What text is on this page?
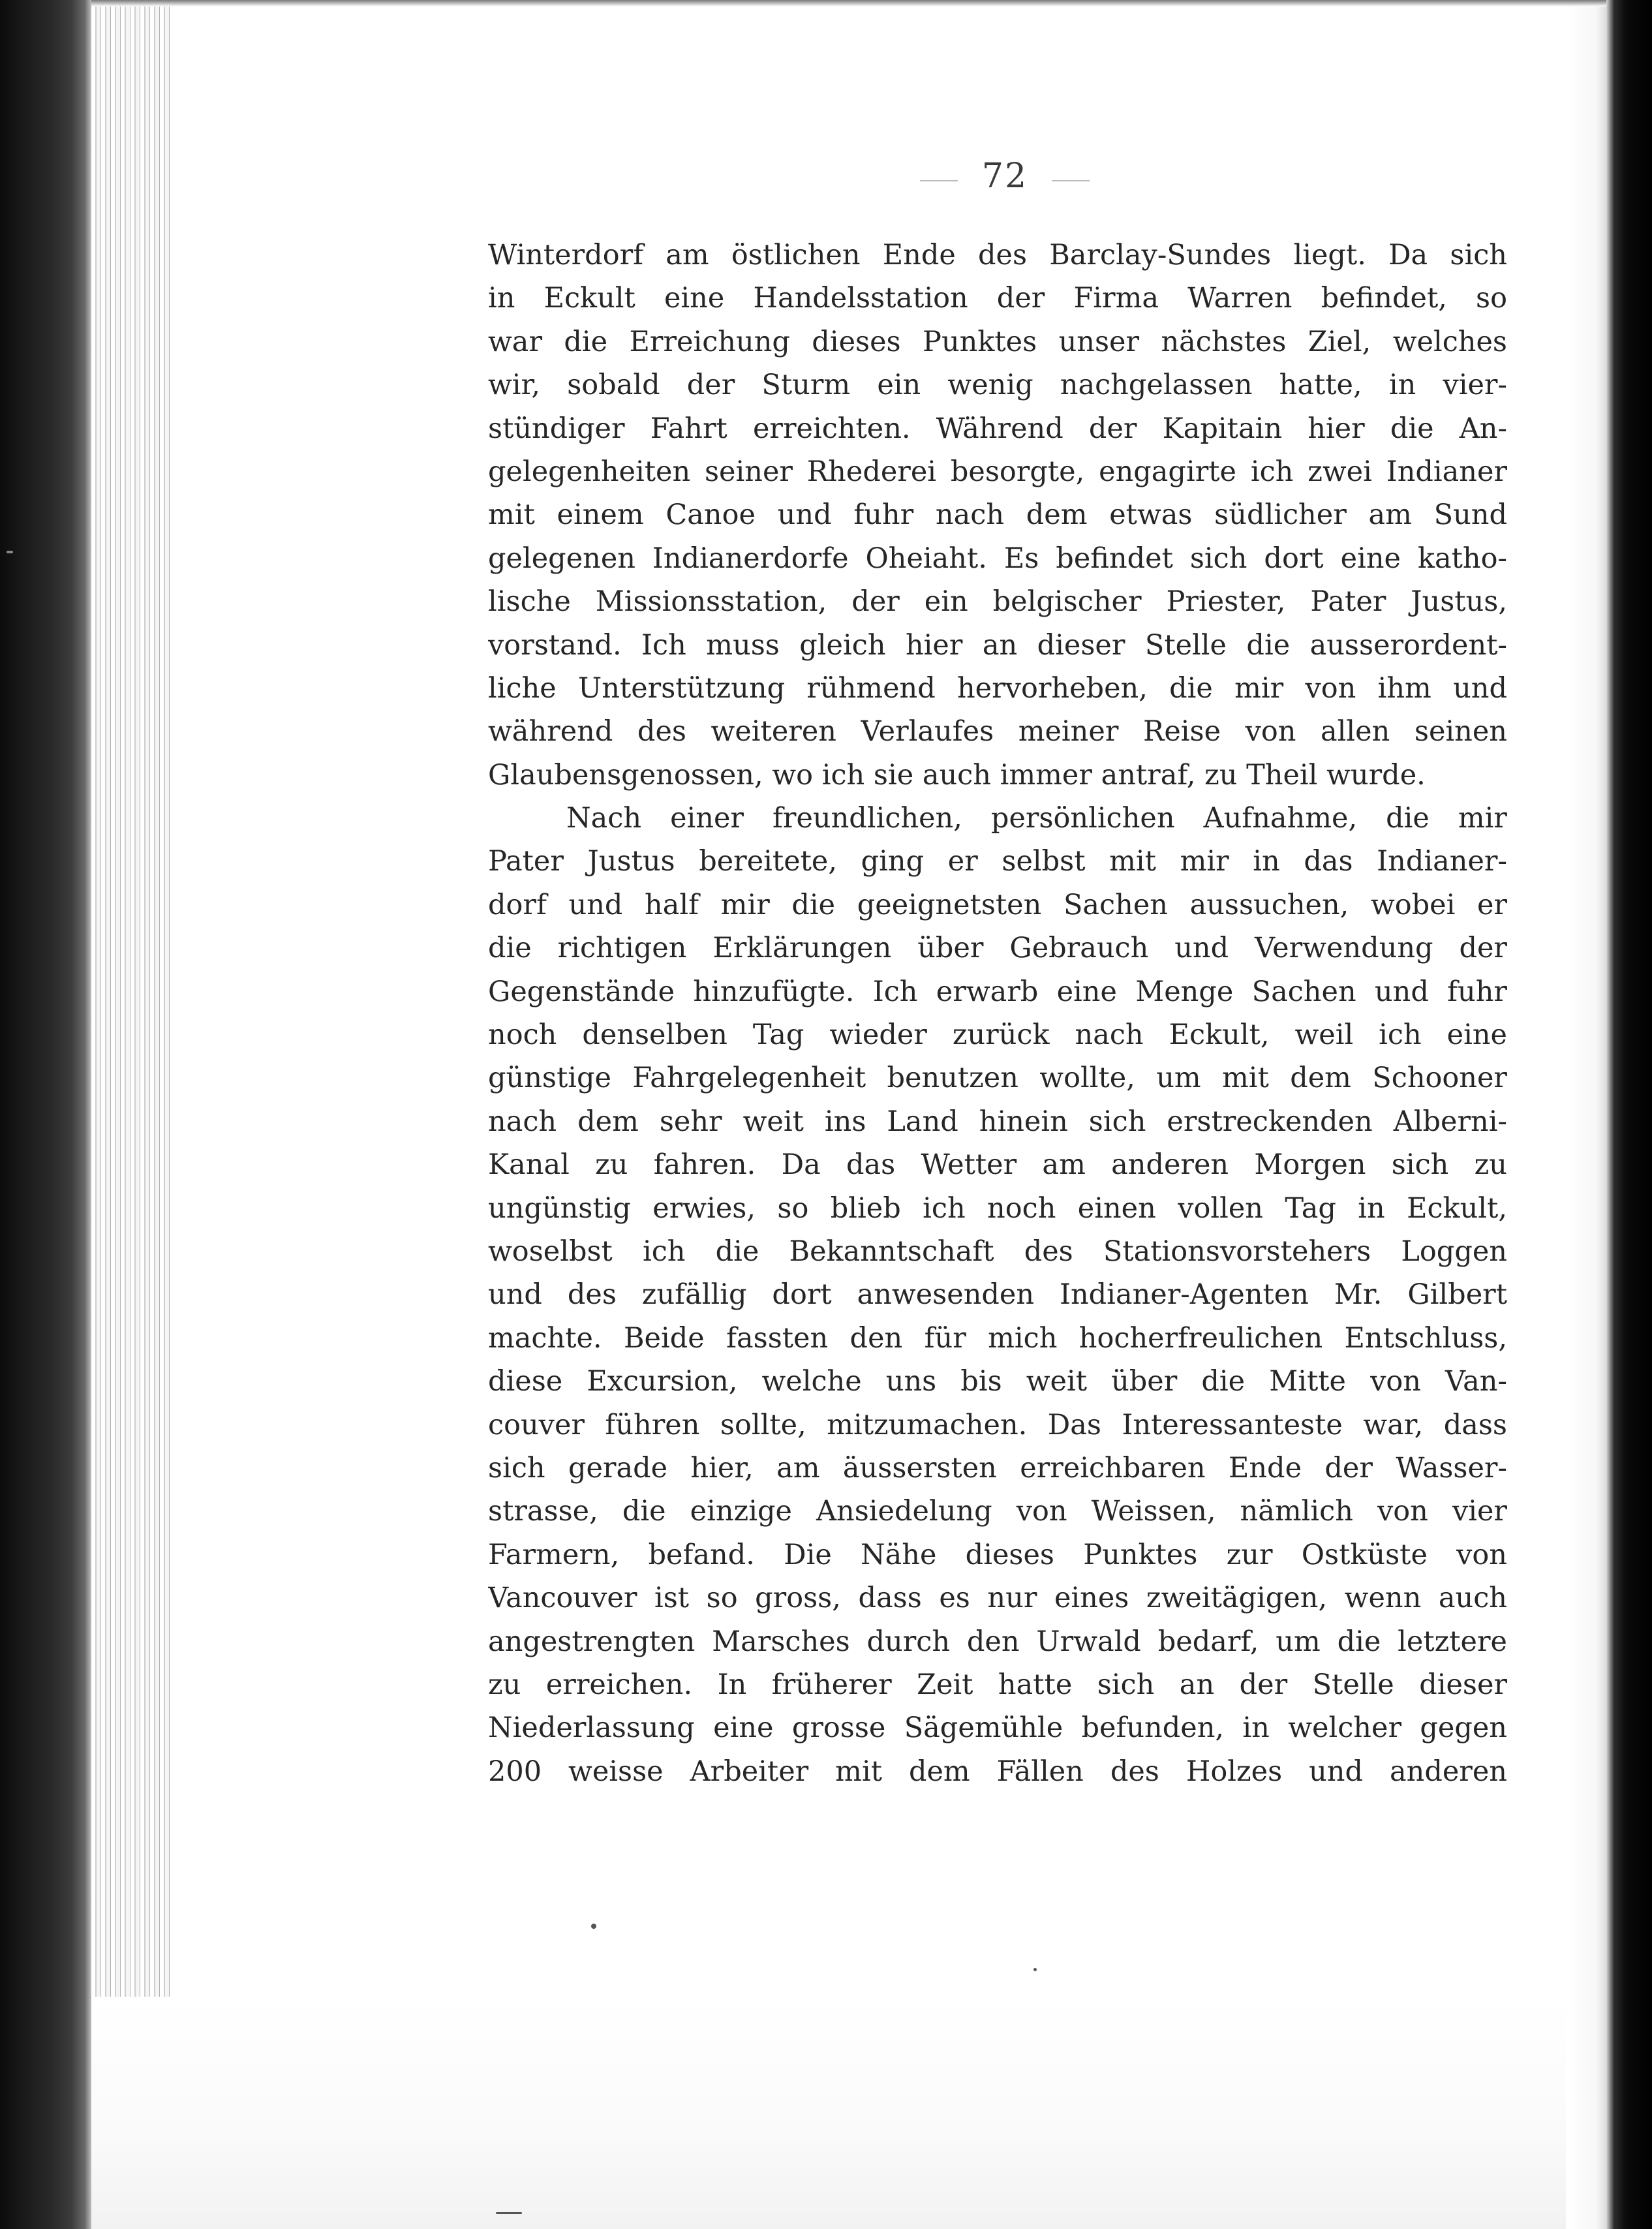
72
Winterdorf am östlichen Ende des Barclay-Sundes liegt. Da sich
in Eckult eine Handelsstation der Firma Warren befindet, so
war die Erreichung dieses Punktes unser nächstes Ziel, welches
wir, sobald der Sturm ein wenig nachgelassen hatte, in vier-
stündiger Fahrt erreichten. Während der Kapitain hier die An-
gelegenheiten seiner Rhederei besorgte, engagirte ich zwei Indianer
mit einem Canoe und fuhr nach dem etwas südlicher am Sund
gelegenen Indianerdorfe Oheiaht. Es befindet sich dort eine katho-
lische Missionsstation, der ein belgischer Priester, Pater Justus,
vorstand. Ich muss gleich hier an dieser Stelle die ausserordent-
liche Unterstützung rühmend hervorheben, die mir von ihm und
während des weiteren Verlaufes meiner Reise von allen seinen
Glaubensgenossen, wo ich sie auch immer antraf, zu Theil wurde.
Nach einer freundlichen, persönlichen Aufnahme, die mir
Pater Justus bereitete, ging er selbst mit mir in das Indianer-
dorf und half mir die geeignetsten Sachen aussuchen, wobei er
die richtigen Erklärungen über Gebrauch und Verwendung der
Gegenstände hinzufügte. Ich erwarb eine Menge Sachen und fuhr
noch denselben Tag wieder zurück nach Eckult, weil ich eine
günstige Fahrgelegenheit benutzen wollte, um mit dem Schooner
nach dem sehr weit ins Land hinein sich erstreckenden Alberni-
Kanal zu fahren. Da das Wetter am anderen Morgen sich zu
ungünstig erwies, so blieb ich noch einen vollen Tag in Eckult,
woselbst ich die Bekanntschaft des Stationsvorstehers Loggen
und des zufällig dort anwesenden Indianer-Agenten Mr. Gilbert
machte. Beide fassten den für mich hocherfreulichen Entschluss,
diese Excursion, welche uns bis weit über die Mitte von Van-
couver führen sollte, mitzumachen. Das Interessanteste war, dass
sich gerade hier, am äussersten erreichbaren Ende der Wasser-
strasse, die einzige Ansiedelung von Weissen, nämlich von vier
Farmern, befand. Die Nähe dieses Punktes zur Ostküste von
Vancouver ist so gross, dass es nur eines zweitägigen, wenn auch
angestrengten Marsches durch den Urwald bedarf, um die letztere
zu erreichen. In früherer Zeit hatte sich an der Stelle dieser
Niederlassung eine grosse Sägemühle befunden, in welcher gegen
200 weisse Arbeiter mit dem Fällen des Holzes und anderen
